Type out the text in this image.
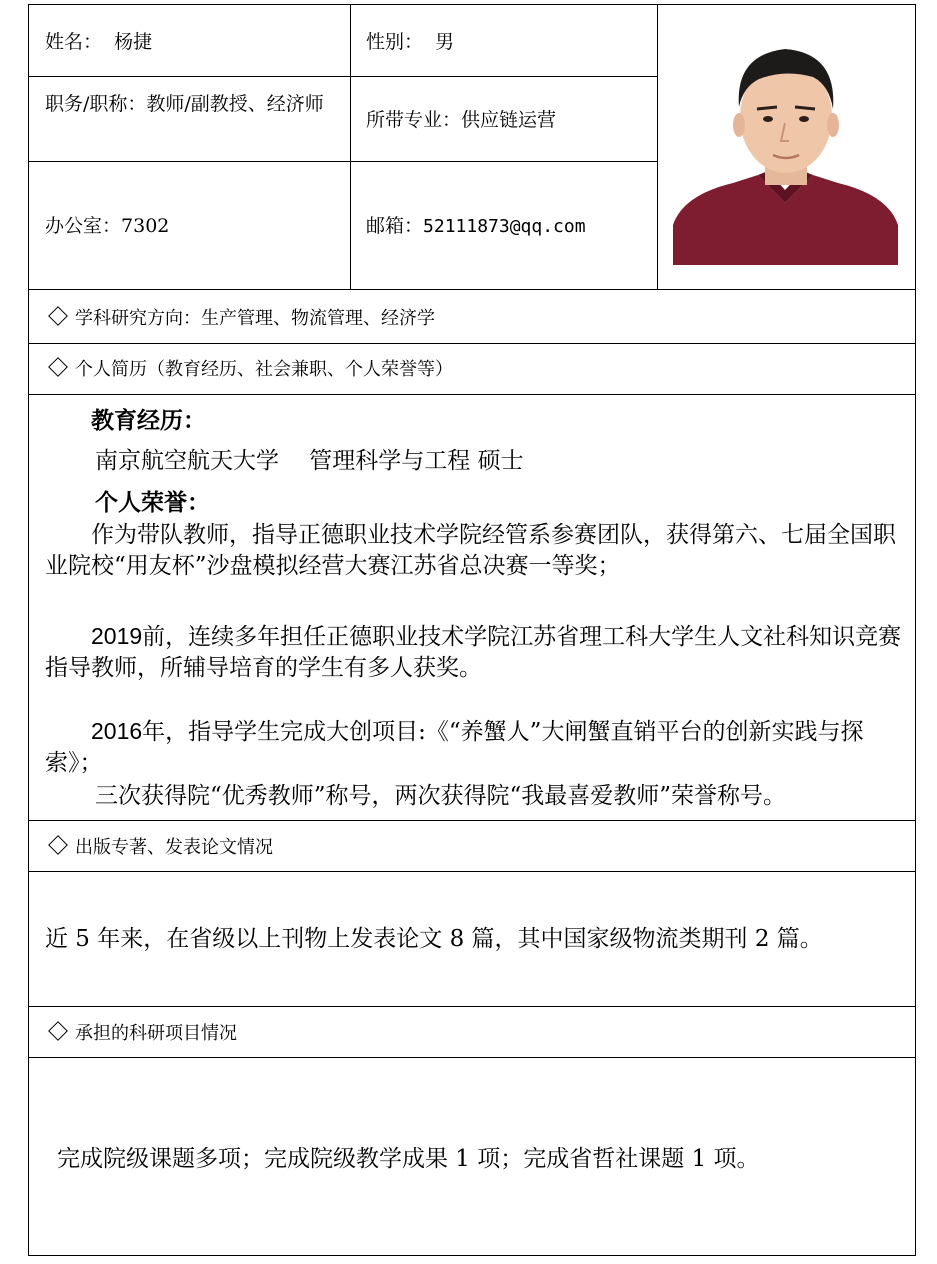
姓名： 杨捷	性别： 男
职务/职称：教师/副教授、经济师
所带专业：供应链运营
办公室：7302	邮箱：52111873@qq.com
学科研究方向：生产管理、物流管理、经济学
个人简历（教育经历、社会兼职、个人荣誉等）
教育经历：
南京航空航天大学　 管理科学与工程 硕士
个人荣誉：
作为带队教师，指导正德职业技术学院经管系参赛团队，获得第六、七届全国职业院校“用友杯”沙盘模拟经营大赛江苏省总决赛一等奖；
2019前，连续多年担任正德职业技术学院江苏省理工科大学生人文社科知识竞赛指导教师，所辅导培育的学生有多人获奖。
2016年，指导学生完成大创项目:《“养蟹人”大闸蟹直销平台的创新实践与探索》；
三次获得院“优秀教师”称号，两次获得院“我最喜爱教师”荣誉称号。
出版专著、发表论文情况
近 5 年来，在省级以上刊物上发表论文 8 篇，其中国家级物流类期刊 2 篇。
承担的科研项目情况
完成院级课题多项；完成院级教学成果 1 项；完成省哲社课题 1 项。
